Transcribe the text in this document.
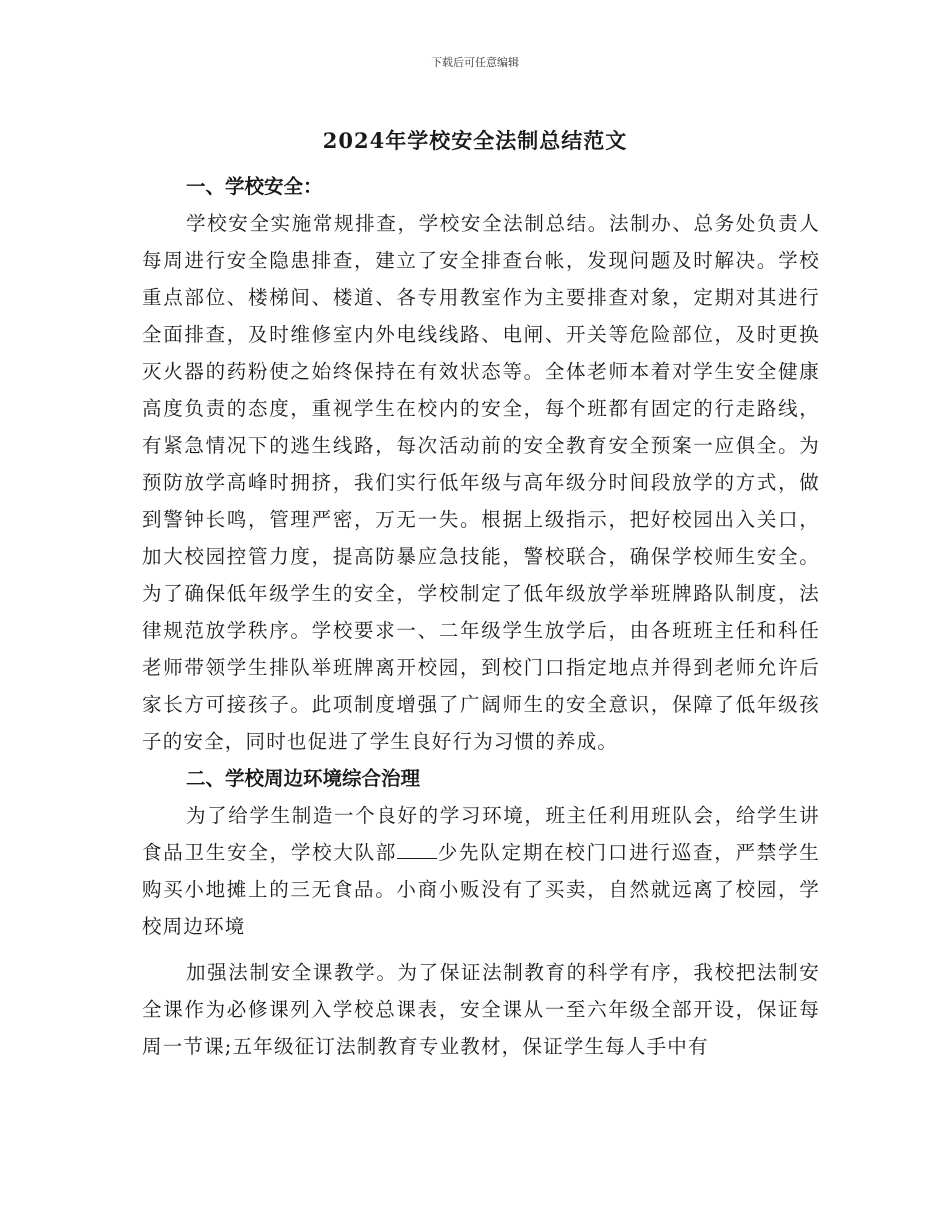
下载后可任意编辑
2024年学校安全法制总结范文

一、学校安全：

学校安全实施常规排查，学校安全法制总结。法制办、总务处负责人每周进行安全隐患排查，建立了安全排查台帐，发现问题及时解决。学校重点部位、楼梯间、楼道、各专用教室作为主要排查对象，定期对其进行全面排查，及时维修室内外电线线路、电闸、开关等危险部位，及时更换灭火器的药粉使之始终保持在有效状态等。全体老师本着对学生安全健康高度负责的态度，重视学生在校内的安全，每个班都有固定的行走路线，有紧急情况下的逃生线路，每次活动前的安全教育安全预案一应俱全。为预防放学高峰时拥挤，我们实行低年级与高年级分时间段放学的方式，做到警钟长鸣，管理严密，万无一失。根据上级指示，把好校园出入关口，加大校园控管力度，提高防暴应急技能，警校联合，确保学校师生安全。为了确保低年级学生的安全，学校制定了低年级放学举班牌路队制度，法律规范放学秩序。学校要求一、二年级学生放学后，由各班班主任和科任老师带领学生排队举班牌离开校园，到校门口指定地点并得到老师允许后家长方可接孩子。此项制度增强了广阔师生的安全意识，保障了低年级孩子的安全，同时也促进了学生良好行为习惯的养成。

二、学校周边环境综合治理

为了给学生制造一个良好的学习环境，班主任利用班队会，给学生讲食品卫生安全，学校大队部 少先队定期在校门口进行巡查，严禁学生购买小地摊上的三无食品。小商小贩没有了买卖，自然就远离了校园，学校周边环境

加强法制安全课教学。为了保证法制教育的科学有序，我校把法制安全课作为必修课列入学校总课表，安全课从一至六年级全部开设，保证每周一节课;五年级征订法制教育专业教材，保证学生每人手中有
